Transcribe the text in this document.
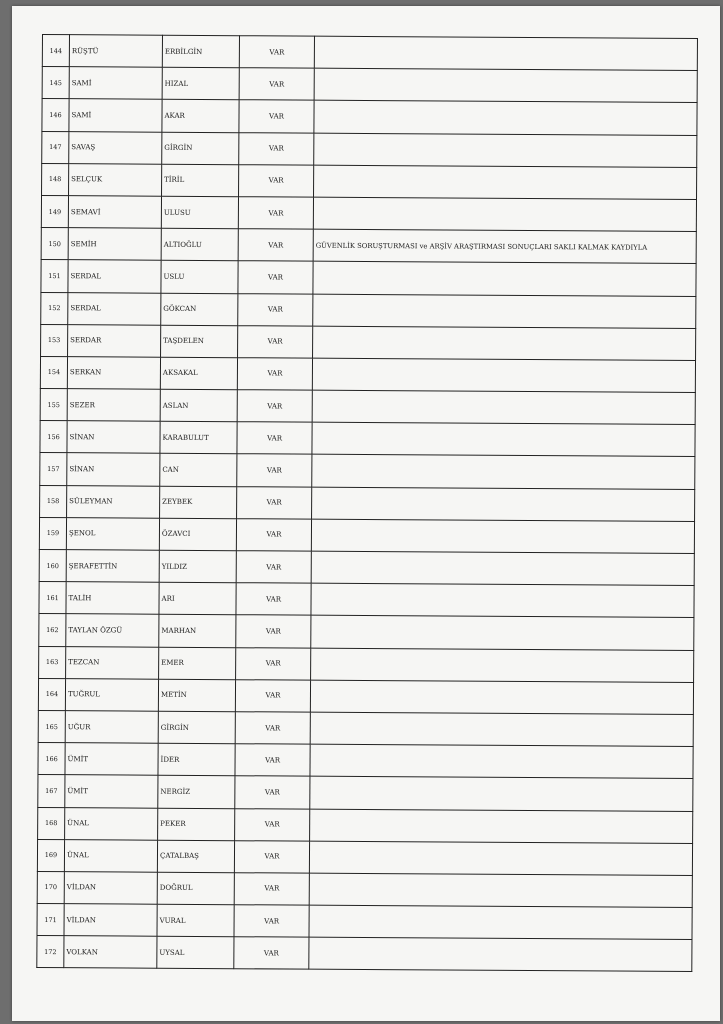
144	RÜŞTÜ	ERBİLGİN	VAR	
145	SAMİ	HIZAL	VAR	
146	SAMİ	AKAR	VAR	
147	SAVAŞ	GİRGİN	VAR	
148	SELÇUK	TİRİL	VAR	
149	SEMAVİ	ULUSU	VAR	
150	SEMİH	ALTIOĞLU	VAR	GÜVENLİK SORUŞTURMASI ve ARŞİV ARAŞTIRMASI SONUÇLARI SAKLI KALMAK KAYDIYLA
151	SERDAL	USLU	VAR	
152	SERDAL	GÖKCAN	VAR	
153	SERDAR	TAŞDELEN	VAR	
154	SERKAN	AKSAKAL	VAR	
155	SEZER	ASLAN	VAR	
156	SİNAN	KARABULUT	VAR	
157	SİNAN	CAN	VAR	
158	SÜLEYMAN	ZEYBEK	VAR	
159	ŞENOL	ÖZAVCI	VAR	
160	ŞERAFETTİN	YILDIZ	VAR	
161	TALİH	ARI	VAR	
162	TAYLAN ÖZGÜ	MARHAN	VAR	
163	TEZCAN	EMER	VAR	
164	TUĞRUL	METİN	VAR	
165	UĞUR	GİRGİN	VAR	
166	ÜMİT	İDER	VAR	
167	ÜMİT	NERGİZ	VAR	
168	ÜNAL	PEKER	VAR	
169	ÜNAL	ÇATALBAŞ	VAR	
170	VİLDAN	DOĞRUL	VAR	
171	VİLDAN	VURAL	VAR	
172	VOLKAN	UYSAL	VAR	
